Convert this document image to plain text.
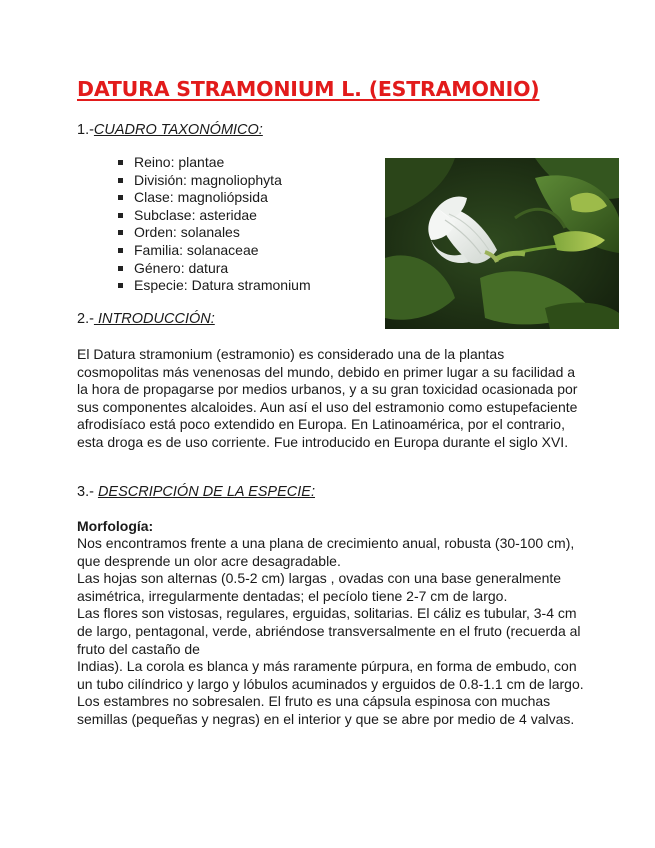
DATURA STRAMONIUM L. (ESTRAMONIO)

1.-CUADRO TAXONÓMICO:

Reino: plantae
División: magnoliophyta
Clase: magnoliópsida
Subclase: asteridae
Orden: solanales
Familia: solanaceae
Género: datura
Especie: Datura stramonium

2.- INTRODUCCIÓN:

El Datura stramonium (estramonio) es considerado una de la plantas cosmopolitas más venenosas del mundo, debido en primer lugar a su facilidad a la hora de propagarse por medios urbanos, y a su gran toxicidad ocasionada por sus componentes alcaloides. Aun así el uso del estramonio como estupefaciente afrodisíaco está poco extendido en Europa. En Latinoamérica, por el contrario, esta droga es de uso corriente. Fue introducido en Europa durante el siglo XVI.

3.- DESCRIPCIÓN DE LA ESPECIE:

Morfología:

Nos encontramos frente a una plana de crecimiento anual, robusta (30-100 cm), que desprende un olor acre desagradable.
Las hojas son alternas (0.5-2 cm) largas , ovadas con una base generalmente asimétrica, irregularmente dentadas; el pecíolo tiene 2-7 cm de largo.
Las flores son vistosas, regulares, erguidas, solitarias. El cáliz es tubular, 3-4 cm de largo, pentagonal, verde, abriéndose transversalmente en el fruto (recuerda al fruto del castaño de
Indias). La corola es blanca y más raramente púrpura, en forma de embudo, con un tubo cilíndrico y largo y lóbulos acuminados y erguidos de 0.8-1.1 cm de largo. Los estambres no sobresalen. El fruto es una cápsula espinosa con muchas semillas (pequeñas y negras) en el interior y que se abre por medio de 4 valvas.
